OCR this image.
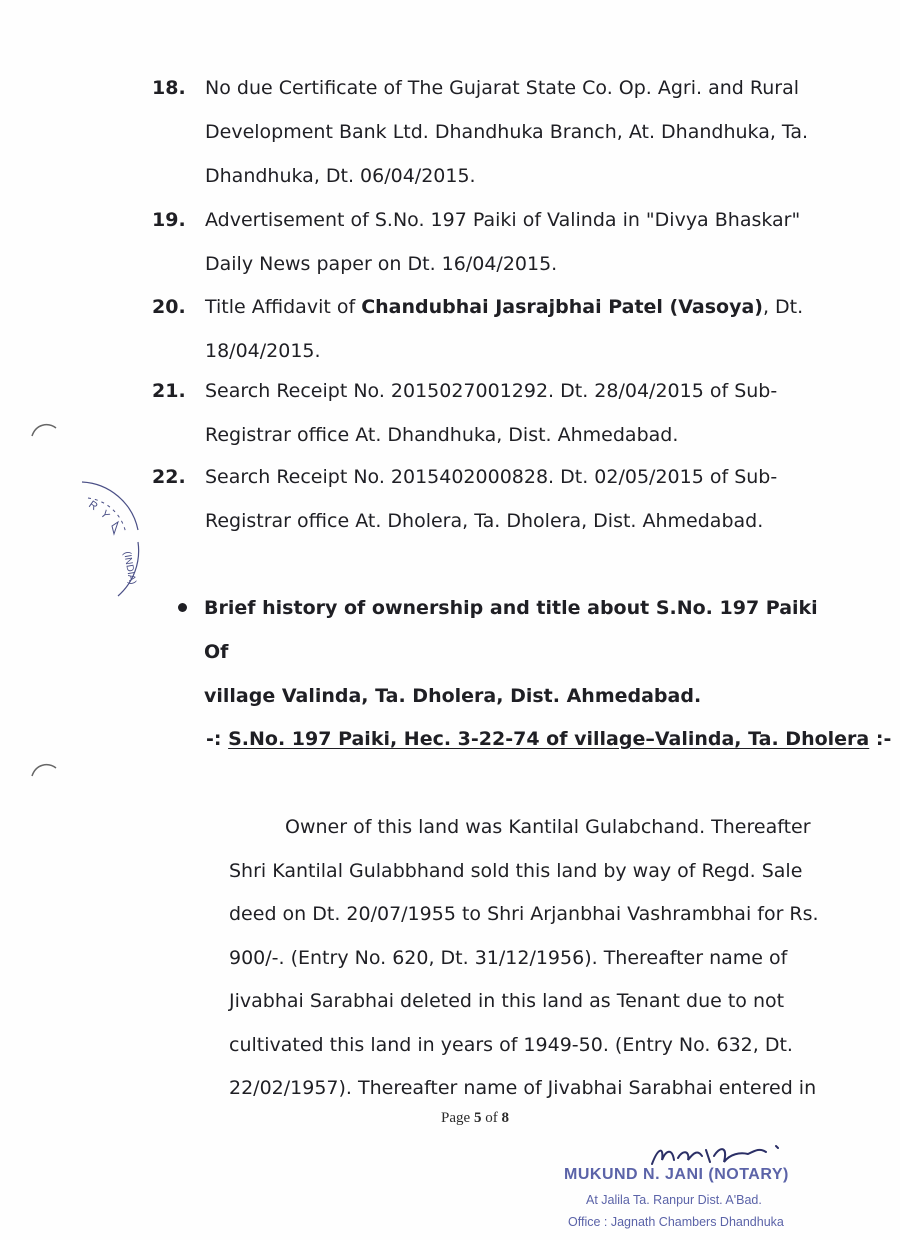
18. No due Certificate of The Gujarat State Co. Op. Agri. and Rural

Development Bank Ltd. Dhandhuka Branch, At. Dhandhuka, Ta.

Dhandhuka, Dt. 06/04/2015.

19. Advertisement of S.No. 197 Paiki of Valinda in "Divya Bhaskar"

Daily News paper on Dt. 16/04/2015.

20. Title Affidavit of Chandubhai Jasrajbhai Patel (Vasoya), Dt.

18/04/2015.

21. Search Receipt No. 2015027001292. Dt. 28/04/2015 of Sub-

Registrar office At. Dhandhuka, Dist. Ahmedabad.

22. Search Receipt No. 2015402000828. Dt. 02/05/2015 of Sub-

Registrar office At. Dholera, Ta. Dholera, Dist. Ahmedabad.

Brief history of ownership and title about S.No. 197 Paiki Of
village Valinda, Ta. Dholera, Dist. Ahmedabad.
-: S.No. 197 Paiki, Hec. 3-22-74 of village–Valinda, Ta. Dholera :-

Owner of this land was Kantilal Gulabchand. Thereafter

Shri Kantilal Gulabbhand sold this land by way of Regd. Sale

deed on Dt. 20/07/1955 to Shri Arjanbhai Vashrambhai for Rs.

900/-. (Entry No. 620, Dt. 31/12/1956). Thereafter name of

Jivabhai Sarabhai deleted in this land as Tenant due to not

cultivated this land in years of 1949-50. (Entry No. 632, Dt.

22/02/1957). Thereafter name of Jivabhai Sarabhai entered in

Page 5 of 8
MUKUND N. JANI (NOTARY)
At Jalila Ta. Ranpur Dist. A'Bad.
Office : Jagnath Chambers Dhandhuka
R
Y
(INDIA)
